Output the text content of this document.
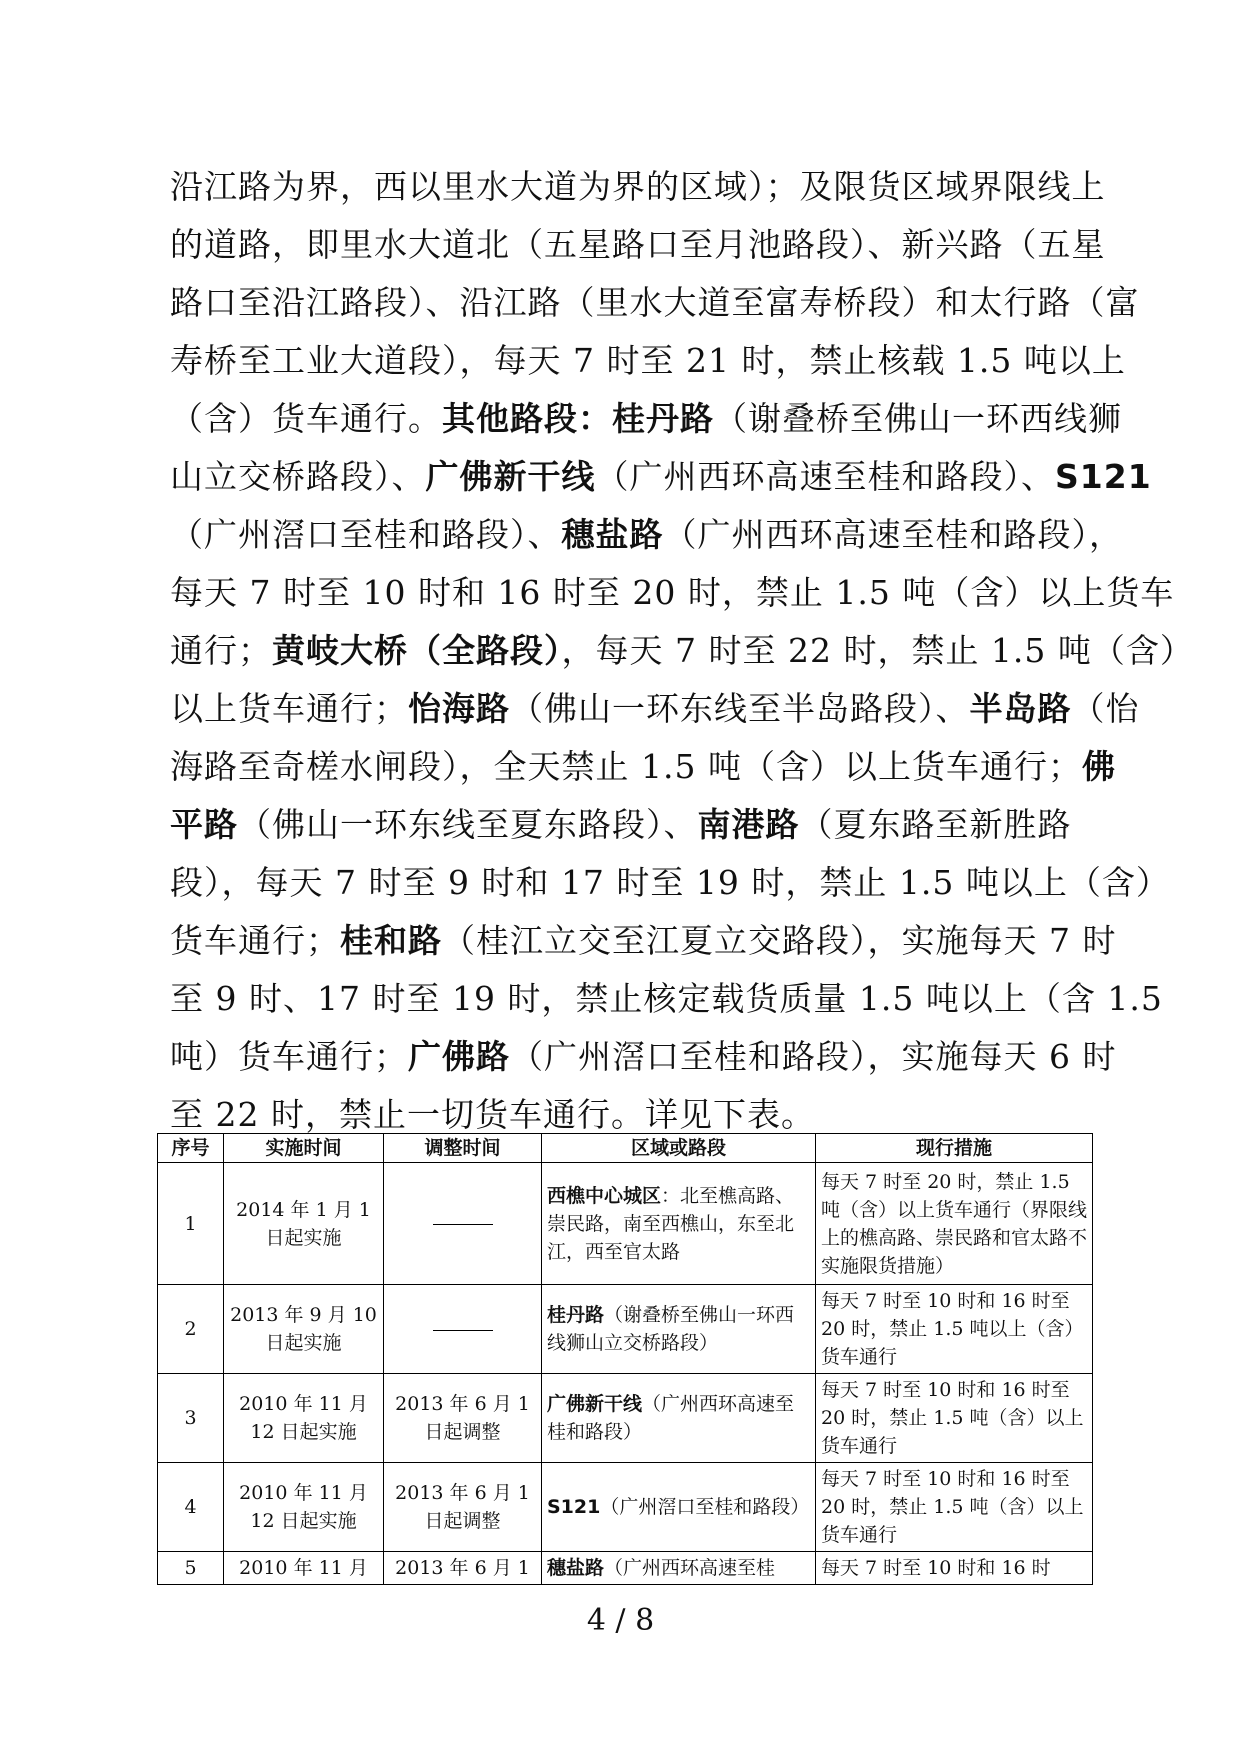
沿江路为界，西以里水大道为界的区域）；及限货区域界限线上
的道路，即里水大道北（五星路口至月池路段）、新兴路（五星
路口至沿江路段）、沿江路（里水大道至富寿桥段）和太行路（富
寿桥至工业大道段），每天 7 时至 21 时，禁止核载 1.5 吨以上
（含）货车通行。其他路段：桂丹路（谢叠桥至佛山一环西线狮
山立交桥路段）、广佛新干线（广州西环高速至桂和路段）、S121
（广州滘口至桂和路段）、穗盐路（广州西环高速至桂和路段），
每天 7 时至 10 时和 16 时至 20 时，禁止 1.5 吨（含）以上货车
通行；黄岐大桥（全路段），每天 7 时至 22 时，禁止 1.5 吨（含）
以上货车通行；怡海路（佛山一环东线至半岛路段）、半岛路（怡
海路至奇槎水闸段），全天禁止 1.5 吨（含）以上货车通行；佛
平路（佛山一环东线至夏东路段）、南港路（夏东路至新胜路
段），每天 7 时至 9 时和 17 时至 19 时，禁止 1.5 吨以上（含）
货车通行；桂和路（桂江立交至江夏立交路段），实施每天 7 时
至 9 时、17 时至 19 时，禁止核定载货质量 1.5 吨以上（含 1.5
吨）货车通行；广佛路（广州滘口至桂和路段），实施每天 6 时
至 22 时，禁止一切货车通行。详见下表。
序号	实施时间	调整时间	区域或路段	现行措施
1	2014 年 1 月 1 日起实施		西樵中心城区：北至樵高路、崇民路，南至西樵山，东至北江，西至官太路	每天 7 时至 20 时，禁止 1.5 吨（含）以上货车通行（界限线上的樵高路、崇民路和官太路不实施限货措施）
2	2013 年 9 月 10 日起实施		桂丹路（谢叠桥至佛山一环西线狮山立交桥路段）	每天 7 时至 10 时和 16 时至 20 时，禁止 1.5 吨以上（含）货车通行
3	2010 年 11 月 12 日起实施	2013 年 6 月 1 日起调整	广佛新干线（广州西环高速至桂和路段）	每天 7 时至 10 时和 16 时至 20 时，禁止 1.5 吨（含）以上货车通行
4	2010 年 11 月 12 日起实施	2013 年 6 月 1 日起调整	S121（广州滘口至桂和路段）	每天 7 时至 10 时和 16 时至 20 时，禁止 1.5 吨（含）以上货车通行
5	2010 年 11 月	2013 年 6 月 1	穗盐路（广州西环高速至桂	每天 7 时至 10 时和 16 时
4 / 8
